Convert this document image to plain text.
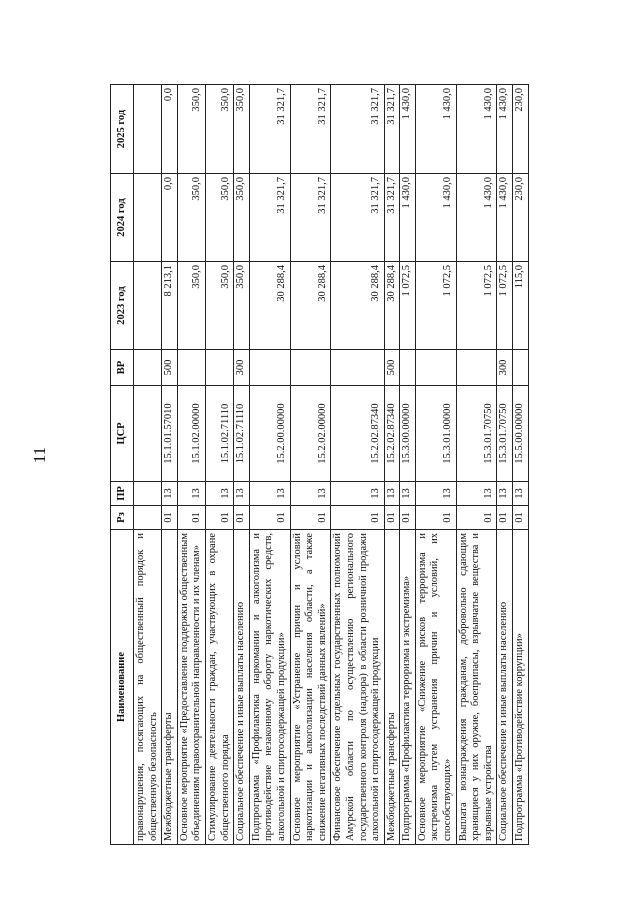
11
Наименование	Рз	ПР	ЦСР	ВР	2023 год	2024 год	2025 год
правонарушения, посягающих на общественный порядок и общественную безопасность							
Межбюджетные трансферты	01	13	15.1.01.57010	500	8 213,1	0,0	0,0
Основное мероприятие «Предоставление поддержки общественным объединениям правоохранительной направленности и их членам»	01	13	15.1.02.00000		350,0	350,0	350,0
Стимулирование деятельности граждан, участвующих в охране общественного порядка	01	13	15.1.02.71110		350,0	350,0	350,0
Социальное обеспечение и иные выплаты населению	01	13	15.1.02.71110	300	350,0	350,0	350,0
Подпрограмма «Профилактика наркомании и алкоголизма и противодействие незаконному обороту наркотических средств, алкогольной и спиртосодержащей продукции»	01	13	15.2.00.00000		30 288,4	31 321,7	31 321,7
Основное мероприятие «Устранение причин и условий наркотизации и алкоголизации населения области, а также снижение негативных последствий данных явлений»	01	13	15.2.02.00000		30 288,4	31 321,7	31 321,7
Финансовое обеспечение отдельных государственных полномочий Амурской области по осуществлению регионального государственного контроля (надзора) в области розничной продажи алкогольной и спиртосодержащей продукции	01	13	15.2.02.87340		30 288,4	31 321,7	31 321,7
Межбюджетные трансферты	01	13	15.2.02.87340	500	30 288,4	31 321,7	31 321,7
Подпрограмма «Профилактика терроризма и экстремизма»	01	13	15.3.00.00000		1 072,5	1 430,0	1 430,0
Основное мероприятие «Снижение рисков терроризма и экстремизма путем устранения причин и условий, их способствующих»	01	13	15.3.01.00000		1 072,5	1 430,0	1 430,0
Выплата вознаграждения гражданам, добровольно сдающим хранящиеся у них оружие, боеприпасы, взрывчатые вещества и взрывные устройства	01	13	15.3.01.70750		1 072,5	1 430,0	1 430,0
Социальное обеспечение и иные выплаты населению	01	13	15.3.01.70750	300	1 072,5	1 430,0	1 430,0
Подпрограмма «Противодействие коррупции»	01	13	15.5.00.00000		115,0	230,0	230,0
